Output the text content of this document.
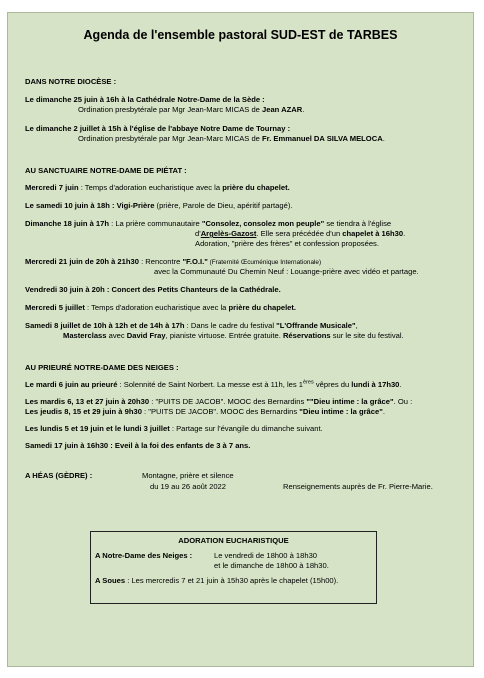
Agenda de l'ensemble pastoral SUD-EST de TARBES
DANS NOTRE DIOCÈSE :
Le dimanche 25 juin à 16h à la Cathédrale Notre-Dame de la Sède :
Ordination presbytérale par Mgr Jean-Marc MICAS de Jean AZAR.
Le dimanche 2 juillet à 15h à l'église de l'abbaye Notre Dame de Tournay :
Ordination presbytérale par Mgr Jean-Marc MICAS de Fr. Emmanuel DA SILVA MELOCA.
AU SANCTUAIRE NOTRE-DAME DE PIÉTAT :
Mercredi 7 juin : Temps d'adoration eucharistique avec la prière du chapelet.
Le samedi 10 juin à 18h : Vigi-Prière (prière, Parole de Dieu, apéritif partagé).
Dimanche 18 juin à 17h : La prière communautaire "Consolez, consolez mon peuple" se tiendra à l'église
d'Argelès-Gazost. Elle sera précédée d'un chapelet à 16h30.
Adoration, "prière des frères" et confession proposées.
Mercredi 21 juin de 20h à 21h30 : Rencontre "F.O.I." (Fraternité Œcuménique Internationale)
avec la Communauté Du Chemin Neuf : Louange-prière avec vidéo et partage.
Vendredi 30 juin à 20h : Concert des Petits Chanteurs de la Cathédrale.
Mercredi 5 juillet : Temps d'adoration eucharistique avec la prière du chapelet.
Samedi 8 juillet de 10h à 12h et de 14h à 17h : Dans le cadre du festival "L'Offrande Musicale",
Masterclass avec David Fray, pianiste virtuose. Entrée gratuite. Réservations sur le site du festival.
AU PRIEURÉ NOTRE-DAME DES NEIGES :
Le mardi 6 juin au prieuré : Solennité de Saint Norbert. La messe est à 11h, les 1ères vêpres du lundi à 17h30.
Les mardis 6, 13 et 27 juin à 20h30 : "PUITS DE JACOB". MOOC des Bernardins ""Dieu intime : la grâce". Ou :
Les jeudis 8, 15 et 29 juin à 9h30 : "PUITS DE JACOB". MOOC des Bernardins "Dieu intime : la grâce".
Les lundis 5 et 19 juin et le lundi 3 juillet : Partage sur l'évangile du dimanche suivant.
Samedi 17 juin à 16h30 : Eveil à la foi des enfants de 3 à 7 ans.
A HÉAS (GÈDRE) :	Montagne, prière et silence
du 19 au 26 août 2022	Renseignements auprès de Fr. Pierre-Marie.
ADORATION EUCHARISTIQUE
A Notre-Dame des Neiges :	Le vendredi de 18h00 à 18h30
et le dimanche de 18h00 à 18h30.
A Soues : Les mercredis 7 et 21 juin à 15h30 après le chapelet (15h00).
